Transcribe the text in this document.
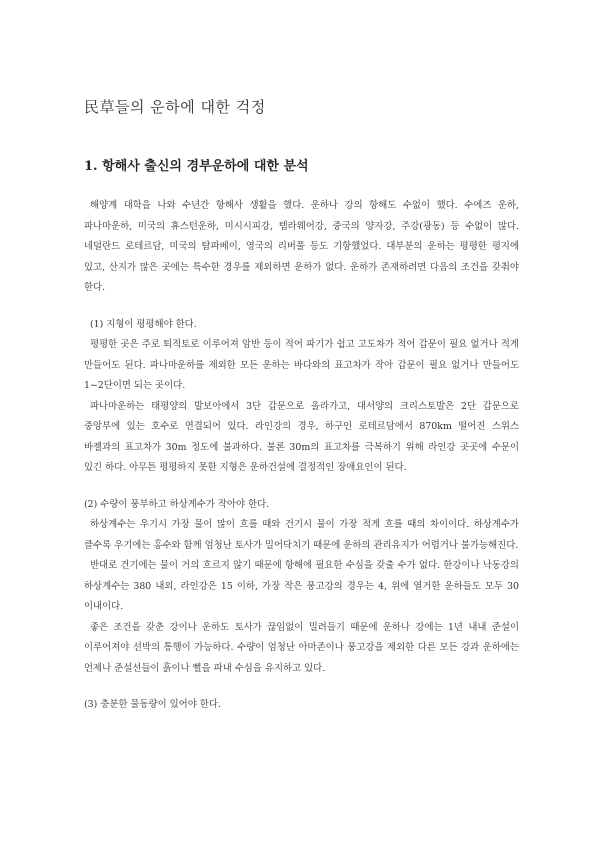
民草들의 운하에 대한 걱정
1. 항해사 출신의 경부운하에 대한 분석

해양계 대학을 나와 수년간 항해사 생활을 했다. 운하나 강의 항해도 수없이 했다. 수에즈 운하, 파나마운하, 미국의 휴스턴운하, 미시시피강, 템라웨어강, 중국의 양자강, 주강(광동) 등 수없이 많다. 네덜란드 로테르담, 미국의 탐파베이, 영국의 리버풀 등도 기항했었다. 대부분의 운하는 평평한 평지에 있고, 산지가 많은 곳에는 특수한 경우를 제외하면 운하가 없다. 운하가 존재하려면 다음의 조건을 갖춰야 한다.

(1) 지형이 평평해야 한다.

평평한 곳은 주로 퇴적토로 이루어져 암반 등이 적어 파기가 쉽고 고도차가 적어 갑문이 필요 없거나 적게 만들어도 된다. 파나마운하를 제외한 모든 운하는 바다와의 표고차가 작아 갑문이 필요 없거나 만들어도 1~2단이면 되는 곳이다.

파나마운하는 태평양의 발보아에서 3단 갑문으로 올라가고, 대서양의 크리스토발은 2단 갑문으로 중앙부에 있는 호수로 연결되어 있다. 라인강의 경우, 하구인 로테르담에서 870km 떨어진 스위스 바젤과의 표고차가 30m 정도에 불과하다. 불론 30m의 표고차를 극복하기 위해 라인강 곳곳에 수문이 있긴 하다. 아무튼 평평하지 못한 지형은 운하건설에 결정적인 장애요인이 된다.

(2) 수량이 풍부하고 하상계수가 작아야 한다.

하상계수는 우기시 가장 물이 많이 흐를 때와 건기시 물이 가장 적게 흐를 때의 차이이다. 하상계수가 클수록 우기에는 홍수와 함께 엄청난 토사가 밀어닥치기 때문에 운하의 관리유지가 어렵거나 불가능해진다.

반대로 건기에는 물이 거의 흐르지 않기 때문에 항해에 필요한 수심을 갖출 수가 없다. 한강이나 낙동강의 하상계수는 380 내외, 라인강은 15 이하, 가장 작은 풍고강의 경우는 4, 위에 열거한 운하들도 모두 30 이내이다.

좋은 조건을 갖춘 강이나 운하도 토사가 끊임없이 밀려들기 때문에 운하나 강에는 1년 내내 준설이 이루어져야 선박의 통행이 가능하다. 수량이 엄청난 아마존이나 풍고강을 제외한 다른 모든 강과 운하에는 언제나 준설선들이 흙이나 뻘을 파내 수심을 유지하고 있다.

(3) 충분한 물동량이 있어야 한다.
